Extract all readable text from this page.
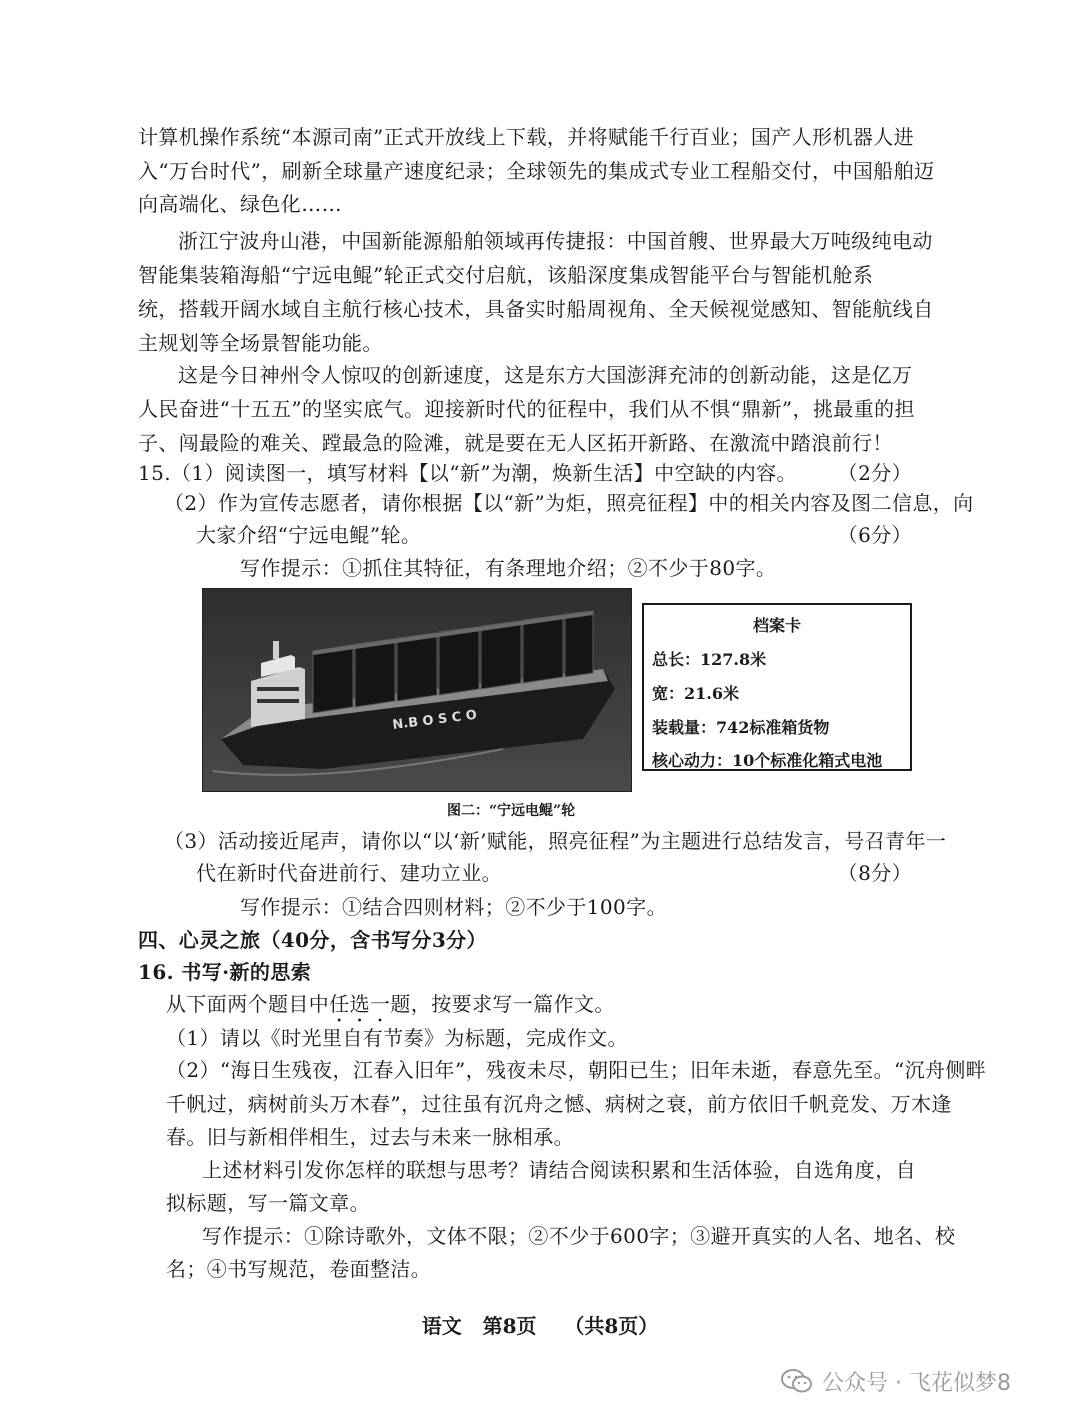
计算机操作系统“本源司南”正式开放线上下载，并将赋能千行百业；国产人形机器人进
入“万台时代”，刷新全球量产速度纪录；全球领先的集成式专业工程船交付，中国船舶迈
向高端化、绿色化……
浙江宁波舟山港，中国新能源船舶领域再传捷报：中国首艘、世界最大万吨级纯电动
智能集装箱海船“宁远电鲲”轮正式交付启航，该船深度集成智能平台与智能机舱系
统，搭载开阔水域自主航行核心技术，具备实时船周视角、全天候视觉感知、智能航线自
主规划等全场景智能功能。
这是今日神州令人惊叹的创新速度，这是东方大国澎湃充沛的创新动能，这是亿万
人民奋进“十五五”的坚实底气。迎接新时代的征程中，我们从不惧“鼎新”，挑最重的担
子、闯最险的难关、蹚最急的险滩，就是要在无人区拓开新路、在激流中踏浪前行！
15.（1）阅读图一，填写材料【以“新”为潮，焕新生活】中空缺的内容。 （2分）
（2）作为宣传志愿者，请你根据【以“新”为炬，照亮征程】中的相关内容及图二信息，向
大家介绍“宁远电鲲”轮。	（6分）
写作提示：①抓住其特征，有条理地介绍；②不少于80字。
N.B O S C O
档案卡
总长：127.8米
宽：21.6米
装载量：742标准箱货物
核心动力：10个标准化箱式电池
图二：“宁远电鲲”轮
（3）活动接近尾声，请你以“以‘新’赋能，照亮征程”为主题进行总结发言，号召青年一
代在新时代奋进前行、建功立业。	（8分）
写作提示：①结合四则材料；②不少于100字。
四、心灵之旅（40分，含书写分3分）
16. 书写·新的思索
从下面两个题目中任选一题，按要求写一篇作文。
（1）请以《时光里自有节奏》为标题，完成作文。
（2）“海日生残夜，江春入旧年”，残夜未尽，朝阳已生；旧年未逝，春意先至。“沉舟侧畔
千帆过，病树前头万木春”，过往虽有沉舟之憾、病树之衰，前方依旧千帆竞发、万木逢
春。旧与新相伴相生，过去与未来一脉相承。
上述材料引发你怎样的联想与思考？请结合阅读积累和生活体验，自选角度，自
拟标题，写一篇文章。
写作提示：①除诗歌外，文体不限；②不少于600字；③避开真实的人名、地名、校
名；④书写规范，卷面整洁。
语文   第8页    （共8页）
公众号 · 飞花似梦8
